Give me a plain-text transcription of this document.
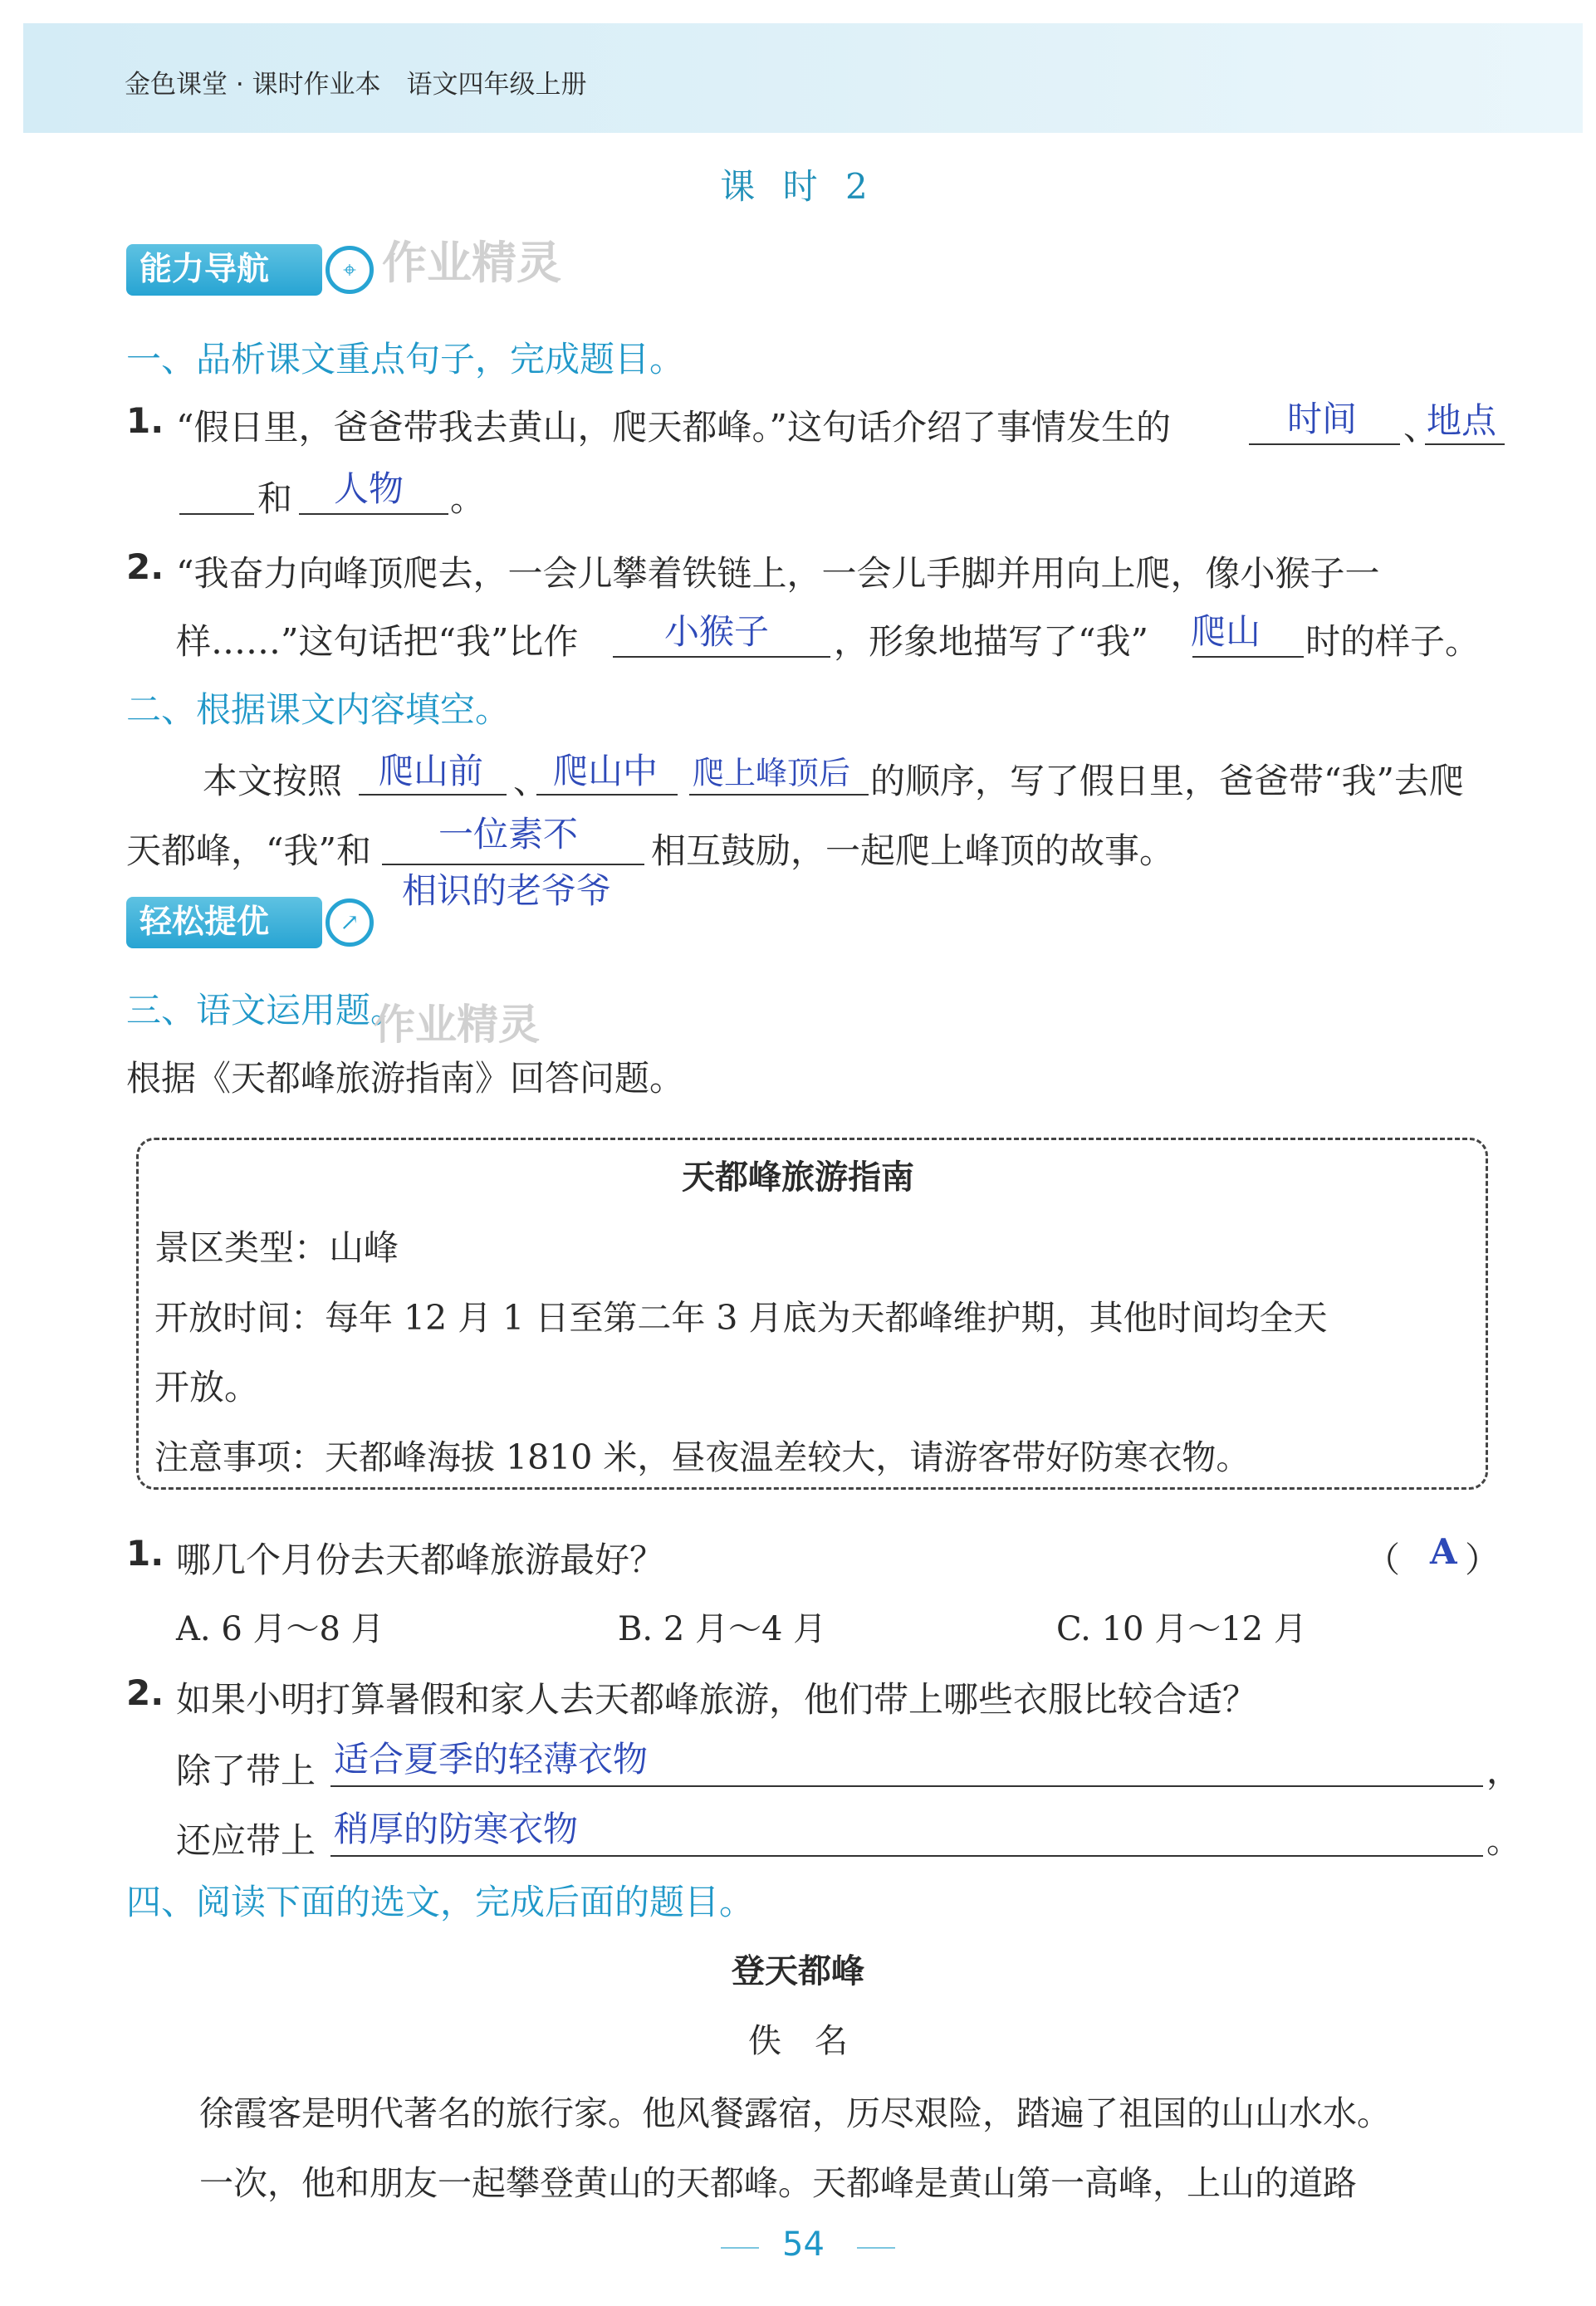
金色课堂 · 课时作业本　语文四年级上册
课 时 2
能力导航	⌖ 作业精灵
一、品析课文重点句子，完成题目。
1. “假日里，爸爸带我去黄山，爬天都峰。”这句话介绍了事情发生的	时间 、
地点
和 人物 。
2. “我奋力向峰顶爬去，一会儿攀着铁链上，一会儿手脚并用向上爬，像小猴子一
样……”这句话把“我”比作 小猴子 ，形象地描写了“我” 爬山 时的样子。
二、根据课文内容填空。
本文按照 爬山前 、 爬山中 爬上峰顶后 的顺序，写了假日里，爸爸带“我”去爬
天都峰，“我”和 一位素不
相识的老爷爷
相互鼓励，一起爬上峰顶的故事。
轻松提优	↗
三、语文运用题。
作业精灵
根据《天都峰旅游指南》回答问题。
天都峰旅游指南
景区类型：山峰
开放时间：每年 12 月 1 日至第二年 3 月底为天都峰维护期，其他时间均全天
开放。
注意事项：天都峰海拔 1810 米，昼夜温差较大，请游客带好防寒衣物。
1. 哪几个月份去天都峰旅游最好？	（ A ）
A. 6 月～8 月	B. 2 月～4 月	C. 10 月～12 月
2. 如果小明打算暑假和家人去天都峰旅游，他们带上哪些衣服比较合适？
除了带上 适合夏季的轻薄衣物	，
还应带上 稍厚的防寒衣物	。
四、阅读下面的选文，完成后面的题目。
登天都峰
佚　名
徐霞客是明代著名的旅行家。他风餐露宿，历尽艰险，踏遍了祖国的山山水水。
一次，他和朋友一起攀登黄山的天都峰。天都峰是黄山第一高峰，上山的道路
54
